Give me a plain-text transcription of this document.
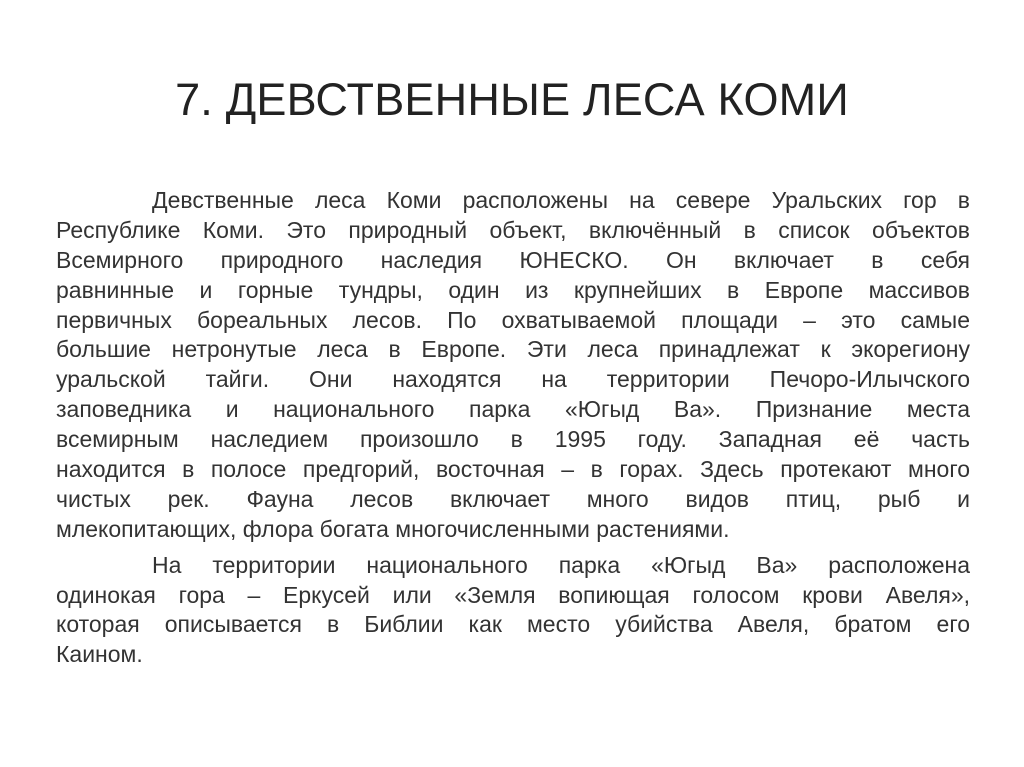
7. ДЕВСТВЕННЫЕ ЛЕСА КОМИ
Девственные леса Коми расположены на севере Уральских гор в
Республике Коми. Это природный объект, включённый в список объектов
Всемирного природного наследия ЮНЕСКО. Он включает в себя
равнинные и горные тундры, один из крупнейших в Европе массивов
первичных бореальных лесов. По охватываемой площади – это самые
большие нетронутые леса в Европе. Эти леса принадлежат к экорегиону
уральской тайги. Они находятся на территории Печоро-Илычского
заповедника и национального парка «Югыд Ва». Признание места
всемирным наследием произошло в 1995 году. Западная её часть
находится в полосе предгорий, восточная – в горах. Здесь протекают много
чистых рек. Фауна лесов включает много видов птиц, рыб и
млекопитающих, флора богата многочисленными растениями.
На территории национального парка «Югыд Ва» расположена
одинокая гора – Еркусей или «Земля вопиющая голосом крови Авеля»,
которая описывается в Библии как место убийства Авеля, братом его
Каином.
